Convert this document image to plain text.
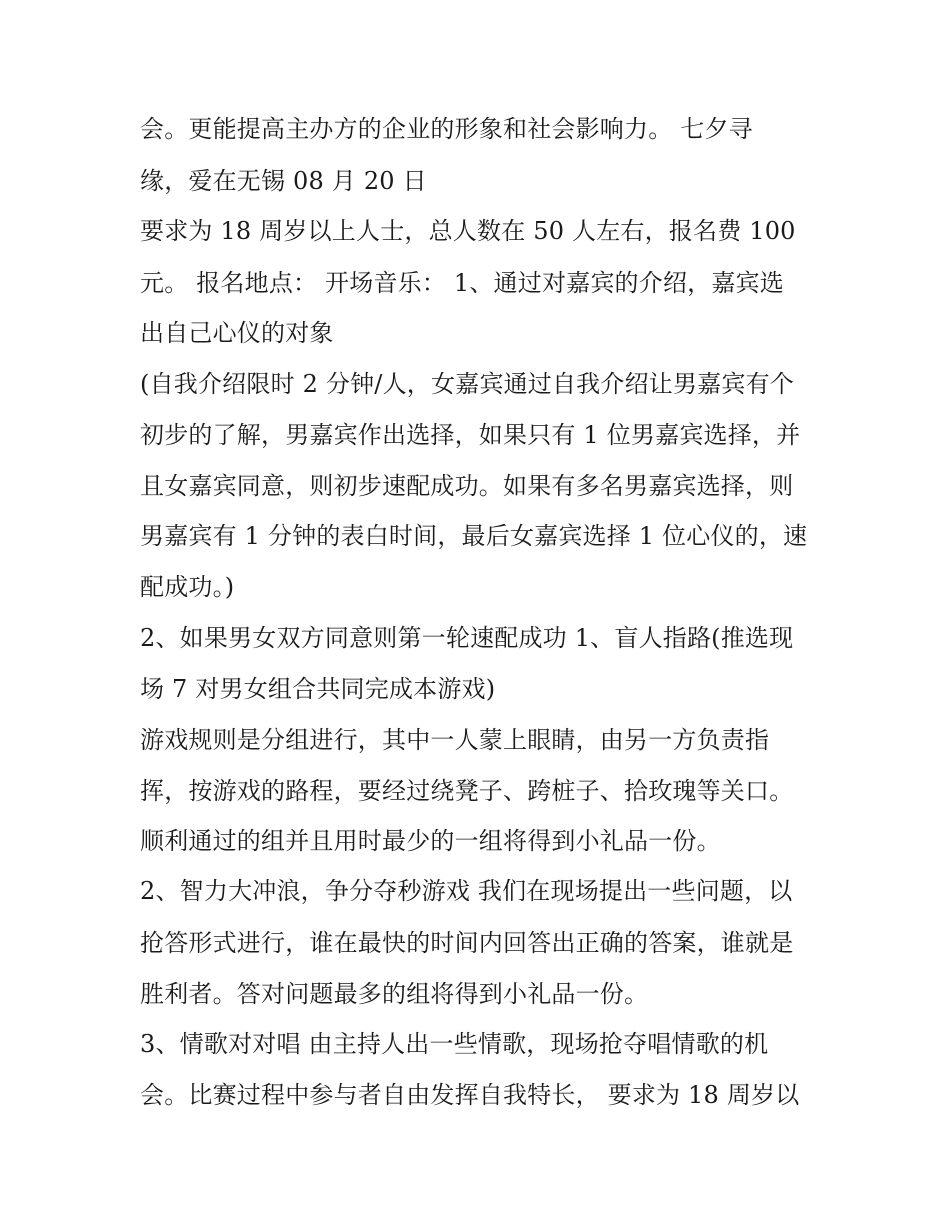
会。更能提高主办方的企业的形象和社会影响力。 七夕寻
缘，爱在无锡 08 月 20 日
要求为 18 周岁以上人士，总人数在 50 人左右，报名费 100
元。 报名地点： 开场音乐： 1、通过对嘉宾的介绍，嘉宾选
出自己心仪的对象
(自我介绍限时 2 分钟/人，女嘉宾通过自我介绍让男嘉宾有个
初步的了解，男嘉宾作出选择，如果只有 1 位男嘉宾选择，并
且女嘉宾同意，则初步速配成功。如果有多名男嘉宾选择，则
男嘉宾有 1 分钟的表白时间，最后女嘉宾选择 1 位心仪的，速
配成功。)
2、如果男女双方同意则第一轮速配成功 1、盲人指路(推选现
场 7 对男女组合共同完成本游戏)
游戏规则是分组进行，其中一人蒙上眼睛，由另一方负责指
挥，按游戏的路程，要经过绕凳子、跨桩子、拾玫瑰等关口。
顺利通过的组并且用时最少的一组将得到小礼品一份。
2、智力大冲浪，争分夺秒游戏 我们在现场提出一些问题，以
抢答形式进行，谁在最快的时间内回答出正确的答案，谁就是
胜利者。答对问题最多的组将得到小礼品一份。
3、情歌对对唱 由主持人出一些情歌，现场抢夺唱情歌的机
会。比赛过程中参与者自由发挥自我特长， 要求为 18 周岁以
